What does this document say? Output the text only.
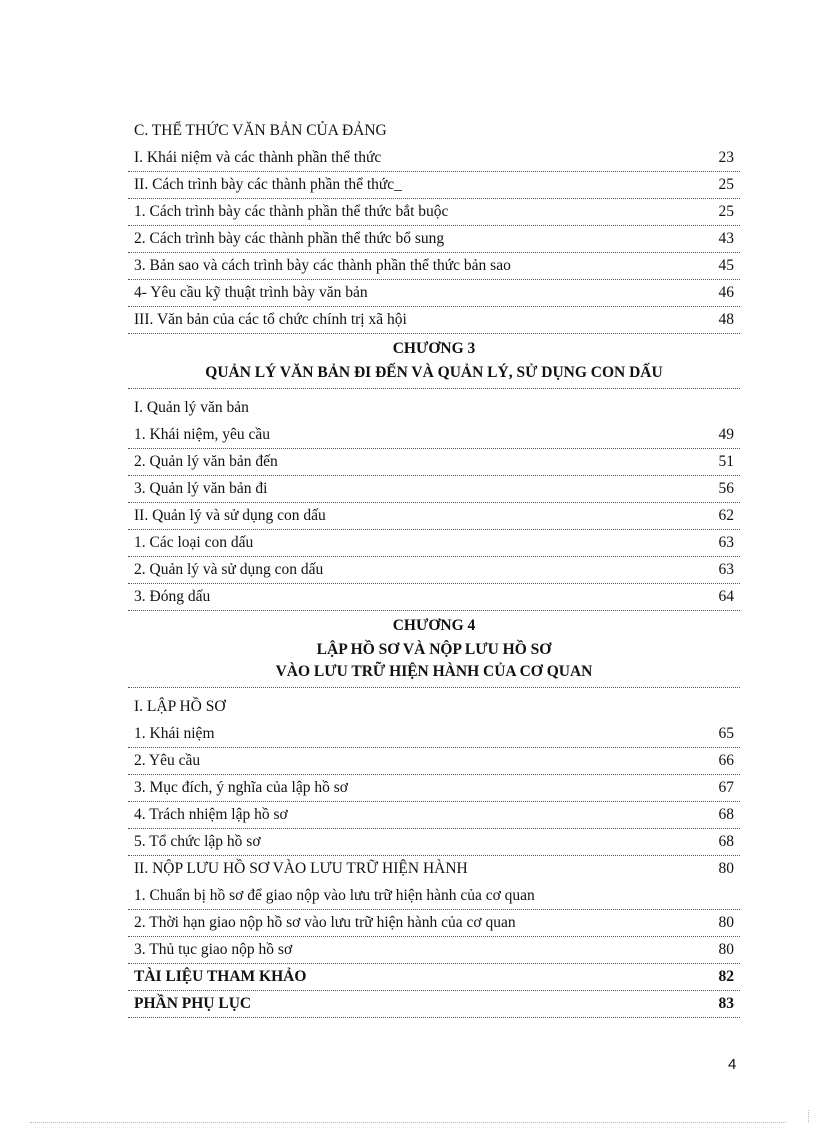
C. THỂ THỨC VĂN BẢN CỦA ĐẢNG
I. Khái niệm và các thành phần thể thức	23
II. Cách trình bày các thành phần thể thức_	25
1. Cách trình bày các thành phần thể thức bắt buộc	25
2. Cách trình bày các thành phần thể thức bổ sung	43
3. Bản sao và cách trình bày các thành phần thể thức bản sao	45
4- Yêu cầu kỹ thuật trình bày văn bản	46
III. Văn bản của các tổ chức chính trị xã hội	48
CHƯƠNG 3
QUẢN LÝ VĂN BẢN ĐI ĐẾN VÀ QUẢN LÝ, SỬ DỤNG CON DẤU
I. Quản lý văn bản
1. Khái niệm, yêu cầu	49
2. Quản lý văn bản đến	51
3. Quản lý văn bản đi	56
II. Quản lý và sử dụng con dấu	62
1. Các loại con dấu	63
2. Quản lý và sử dụng con dấu	63
3. Đóng dấu	64
CHƯƠNG 4
LẬP HỒ SƠ VÀ NỘP LƯU HỒ SƠ
VÀO LƯU TRỮ HIỆN HÀNH CỦA CƠ QUAN
I. LẬP HỒ SƠ
1. Khái niệm	65
2. Yêu cầu	66
3. Mục đích, ý nghĩa của lập hồ sơ	67
4. Trách nhiệm lập hồ sơ	68
5. Tổ chức lập hồ sơ	68
II. NỘP LƯU HỒ SƠ VÀO LƯU TRỮ HIỆN HÀNH	80
1. Chuẩn bị hồ sơ để giao nộp vào lưu trữ hiện hành của cơ quan
2. Thời hạn giao nộp hồ sơ vào lưu trữ hiện hành của cơ quan	80
3. Thủ tục giao nộp hồ sơ	80
TÀI LIỆU THAM KHẢO	82
PHẦN PHỤ LỤC	83
4
